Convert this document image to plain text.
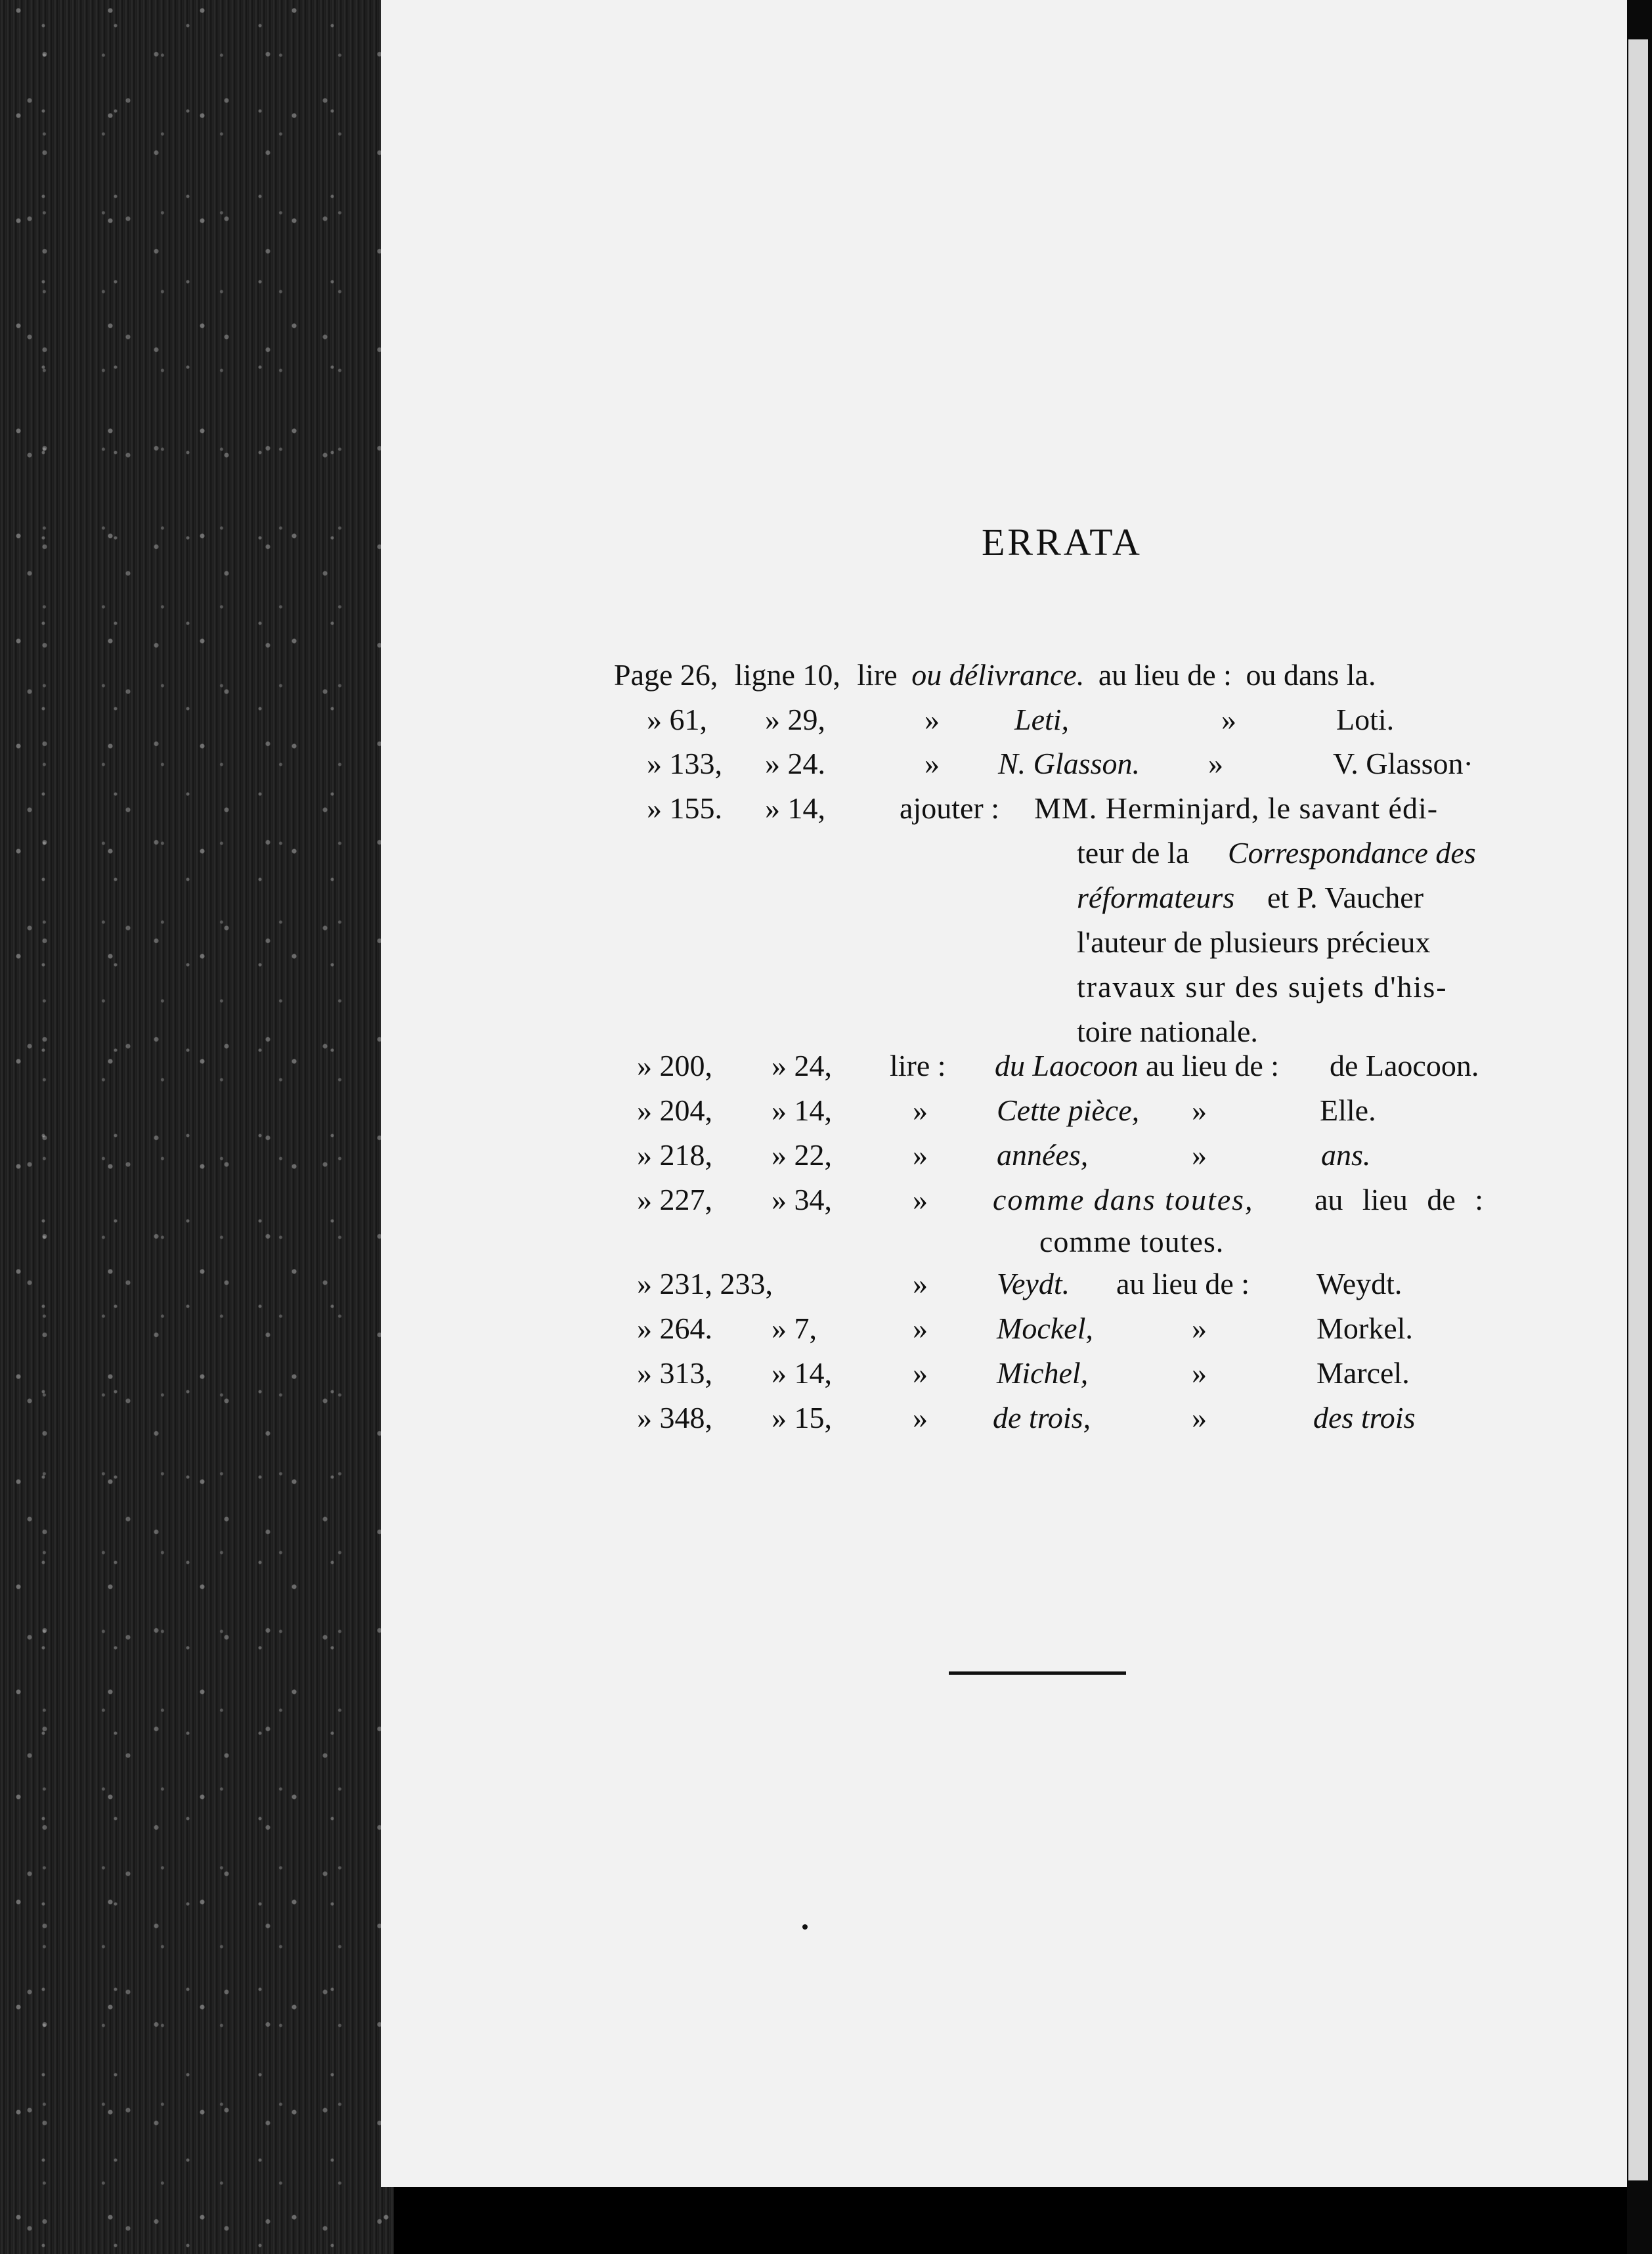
ERRATA
Page 26, ligne 10, lire ou délivrance. au lieu de : ou dans la.
» 61, » 29,	» Leti,	»	Loti.
» 133, » 24.	» N. Glasson. »	V. Glasson·
» 155. » 14, ajouter : MM. Herminjard, le savant édi-
teur de la Correspondance des
réformateurs et P. Vaucher
l'auteur de plusieurs précieux
travaux sur des sujets d'his-
toire nationale.
» 200, » 24, lire : du Laocoon au lieu de : de Laocoon.
» 204, » 14,	» Cette pièce, »	Elle.
» 218, » 22,	» années,	»	ans.
» 227, » 34,	» comme dans toutes, au lieu de :
comme toutes.
» 231, 233,	» Veydt. au lieu de : Weydt.
» 264. » 7,	» Mockel,	»	Morkel.
» 313, » 14,	» Michel,	»	Marcel.
» 348, » 15,	» de trois,	»	des trois
